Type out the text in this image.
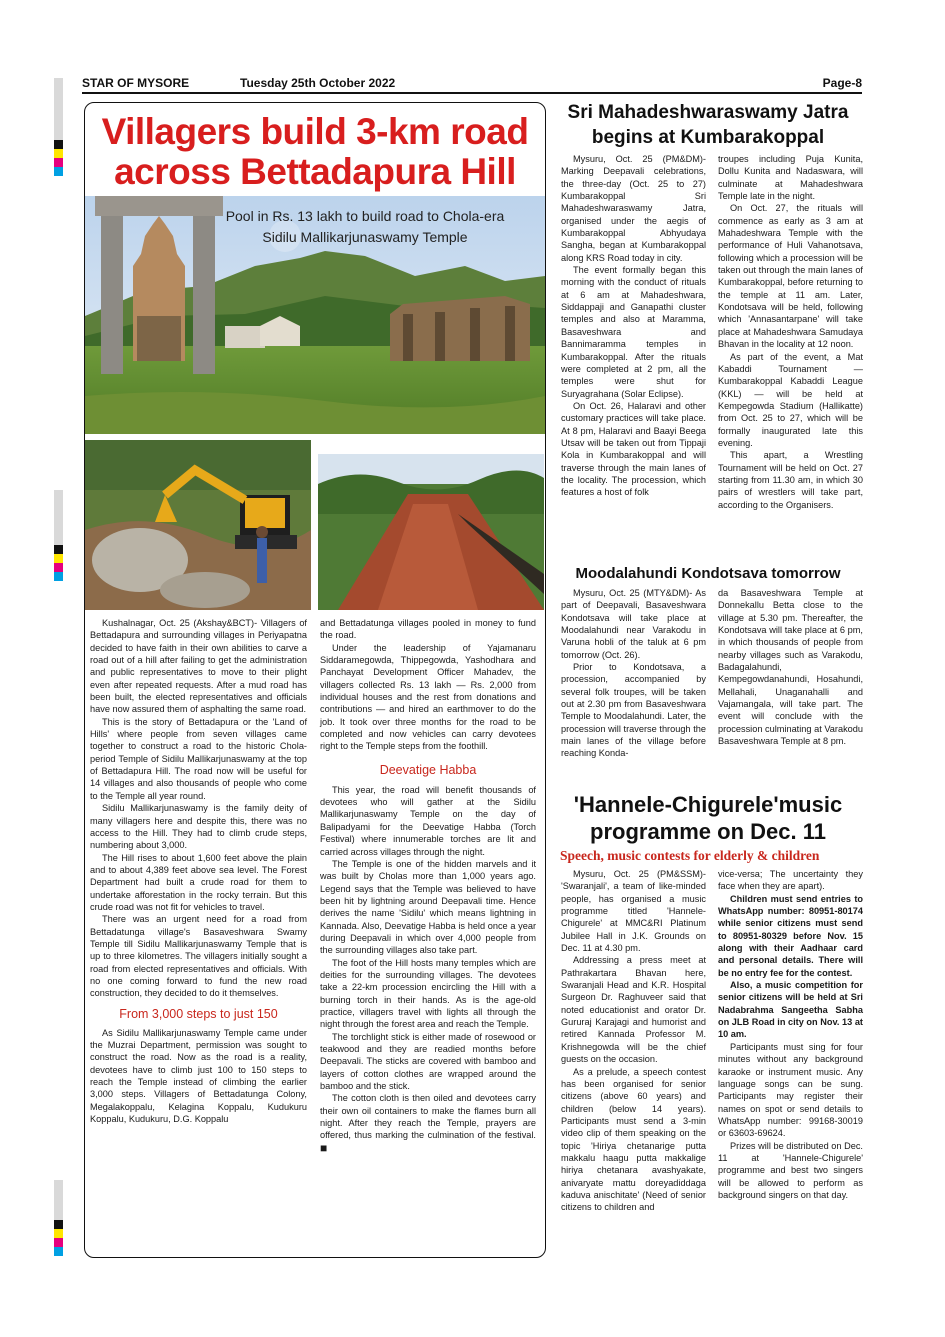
STAR OF MYSORE	Tuesday 25th October 2022	Page-8
Villagers build 3-km road
across Bettadapura Hill
Pool in Rs. 13 lakh to build road to Chola-era
Sidilu Mallikarjunaswamy Temple

Kushalnagar, Oct. 25 (Akshay&BCT)- Villagers of Bettadapura and surrounding villages in Periyapatna decided to have faith in their own abilities to carve a road out of a hill after failing to get the administration and public representatives to move to their plight even after repeated requests. After a mud road has been built, the elected representatives and officials have now assured them of asphalting the same road.

This is the story of Bettadapura or the 'Land of Hills' where people from seven villages came together to construct a road to the historic Chola-period Temple of Sidilu Mallikarjunaswamy at the top of Bettadapura Hill. The road now will be useful for 14 villages and also thousands of people who come to the Temple all year round.

Sidilu Mallikarjunaswamy is the family deity of many villagers here and despite this, there was no access to the Hill. They had to climb crude steps, numbering about 3,000.

The Hill rises to about 1,600 feet above the plain and to about 4,389 feet above sea level. The Forest Department had built a crude road for them to undertake afforestation in the rocky terrain. But this crude road was not fit for vehicles to travel.

There was an urgent need for a road from Bettadatunga village's Basaveshwara Swamy Temple till Sidilu Mallikarjunaswamy Temple that is up to three kilometres. The villagers initially sought a road from elected representatives and officials. With no one coming forward to fund the new road construction, they decided to do it themselves.

From 3,000 steps to just 150

As Sidilu Mallikarjunaswamy Temple came under the Muzrai Department, permission was sought to construct the road. Now as the road is a reality, devotees have to climb just 100 to 150 steps to reach the Temple instead of climbing the earlier 3,000 steps. Villagers of Bettadatunga Colony, Megalakoppalu, Kelagina Koppalu, Kudukuru Koppalu, Kudukuru, D.G. Koppalu

and Bettadatunga villages pooled in money to fund the road.

Under the leadership of Yajamanaru Siddaramegowda, Thippegowda, Yashodhara and Panchayat Development Officer Mahadev, the villagers collected Rs. 13 lakh — Rs. 2,000 from individual houses and the rest from donations and contributions — and hired an earthmover to do the job. It took over three months for the road to be completed and now vehicles can carry devotees right to the Temple steps from the foothill.

Deevatige Habba

This year, the road will benefit thousands of devotees who will gather at the Sidilu Mallikarjunaswamy Temple on the day of Balipadyami for the Deevatige Habba (Torch Festival) where innumerable torches are lit and carried across villages through the night.

The Temple is one of the hidden marvels and it was built by Cholas more than 1,000 years ago. Legend says that the Temple was believed to have been hit by lightning around Deepavali time. Hence derives the name 'Sidilu' which means lightning in Kannada. Also, Deevatige Habba is held once a year during Deepavali in which over 4,000 people from the surrounding villages also take part.

The foot of the Hill hosts many temples which are deities for the surrounding villages. The devotees take a 22-km procession encircling the Hill with a burning torch in their hands. As is the age-old practice, villagers travel with lights all through the night through the forest area and reach the Temple.

The torchlight stick is either made of rosewood or teakwood and they are readied months before Deepavali. The sticks are covered with bamboo and layers of cotton clothes are wrapped around the bamboo and the stick.

The cotton cloth is then oiled and devotees carry their own oil containers to make the flames burn all night. After they reach the Temple, prayers are offered, thus marking the culmination of the festival. ■

Sri Mahadeshwaraswamy Jatra
begins at Kumbarakoppal

Mysuru, Oct. 25 (PM&DM)- Marking Deepavali celebrations, the three-day (Oct. 25 to 27) Kumbarakoppal Sri Mahadeshwaraswamy Jatra, organised under the aegis of Kumbarakoppal Abhyudaya Sangha, began at Kumbarakoppal along KRS Road today in city.

The event formally began this morning with the conduct of rituals at 6 am at Mahadeshwara, Siddappaji and Ganapathi cluster temples and also at Maramma, Basaveshwara and Bannimaramma temples in Kumbarakoppal. After the rituals were completed at 2 pm, all the temples were shut for Suryagrahana (Solar Eclipse).

On Oct. 26, Halaravi and other customary practices will take place. At 8 pm, Halaravi and Baayi Beega Utsav will be taken out from Tippaji Kola in Kumbarakoppal and will traverse through the main lanes of the locality. The procession, which features a host of folk

troupes including Puja Kunita, Dollu Kunita and Nadaswara, will culminate at Mahadeshwara Temple late in the night.

On Oct. 27, the rituals will commence as early as 3 am at Mahadeshwara Temple with the performance of Huli Vahanotsava, following which a procession will be taken out through the main lanes of Kumbarakoppal, before returning to the temple at 11 am. Later, Kondotsava will be held, following which 'Annasantarpane' will take place at Mahadeshwara Samudaya Bhavan in the locality at 12 noon.

As part of the event, a Mat Kabaddi Tournament — Kumbarakoppal Kabaddi League (KKL) — will be held at Kempegowda Stadium (Hallikatte) from Oct. 25 to 27, which will be formally inaugurated late this evening.

This apart, a Wrestling Tournament will be held on Oct. 27 starting from 11.30 am, in which 30 pairs of wrestlers will take part, according to the Organisers.

Moodalahundi Kondotsava tomorrow

Mysuru, Oct. 25 (MTY&DM)- As part of Deepavali, Basaveshwara Kondotsava will take place at Moodalahundi near Varakodu in Varuna hobli of the taluk at 6 pm tomorrow (Oct. 26).

Prior to Kondotsava, a procession, accompanied by several folk troupes, will be taken out at 2.30 pm from Basaveshwara Temple to Moodalahundi. Later, the procession will traverse through the main lanes of the village before reaching Konda-

da Basaveshwara Temple at Donnekallu Betta close to the village at 5.30 pm. Thereafter, the Kondotsava will take place at 6 pm, in which thousands of people from nearby villages such as Varakodu, Badagalahundi, Kempegowdanahundi, Hosahundi, Mellahali, Unaganahalli and Vajamangala, will take part. The event will conclude with the procession culminating at Varakodu Basaveshwara Temple at 8 pm.

'Hannele-Chigurele'music
programme on Dec. 11
Speech, music contests for elderly & children

Mysuru, Oct. 25 (PM&SSM)- 'Swaranjali', a team of like-minded people, has organised a music programme titled 'Hannele-Chigurele' at MMC&RI Platinum Jubilee Hall in J.K. Grounds on Dec. 11 at 4.30 pm.

Addressing a press meet at Pathrakartara Bhavan here, Swaranjali Head and K.R. Hospital Surgeon Dr. Raghuveer said that noted educationist and orator Dr. Gururaj Karajagi and humorist and retired Kannada Professor M. Krishnegowda will be the chief guests on the occasion.

As a prelude, a speech contest has been organised for senior citizens (above 60 years) and children (below 14 years). Participants must send a 3-min video clip of them speaking on the topic 'Hiriya chetanarige putta makkalu haagu putta makkalige hiriya chetanara avashyakate, anivaryate mattu doreyadiddaga kaduva anischitate' (Need of senior citizens to children and

vice-versa; The uncertainty they face when they are apart).

Children must send entries to WhatsApp number: 80951-80174 while senior citizens must send to 80951-80329 before Nov. 15 along with their Aadhaar card and personal details. There will be no entry fee for the contest.

Also, a music competition for senior citizens will be held at Sri Nadabrahma Sangeetha Sabha on JLB Road in city on Nov. 13 at 10 am.

Participants must sing for four minutes without any background karaoke or instrument music. Any language songs can be sung. Participants may register their names on spot or send details to WhatsApp number: 99168-30019 or 63603-69624.

Prizes will be distributed on Dec. 11 at 'Hannele-Chigurele' programme and best two singers will be allowed to perform as background singers on that day.
